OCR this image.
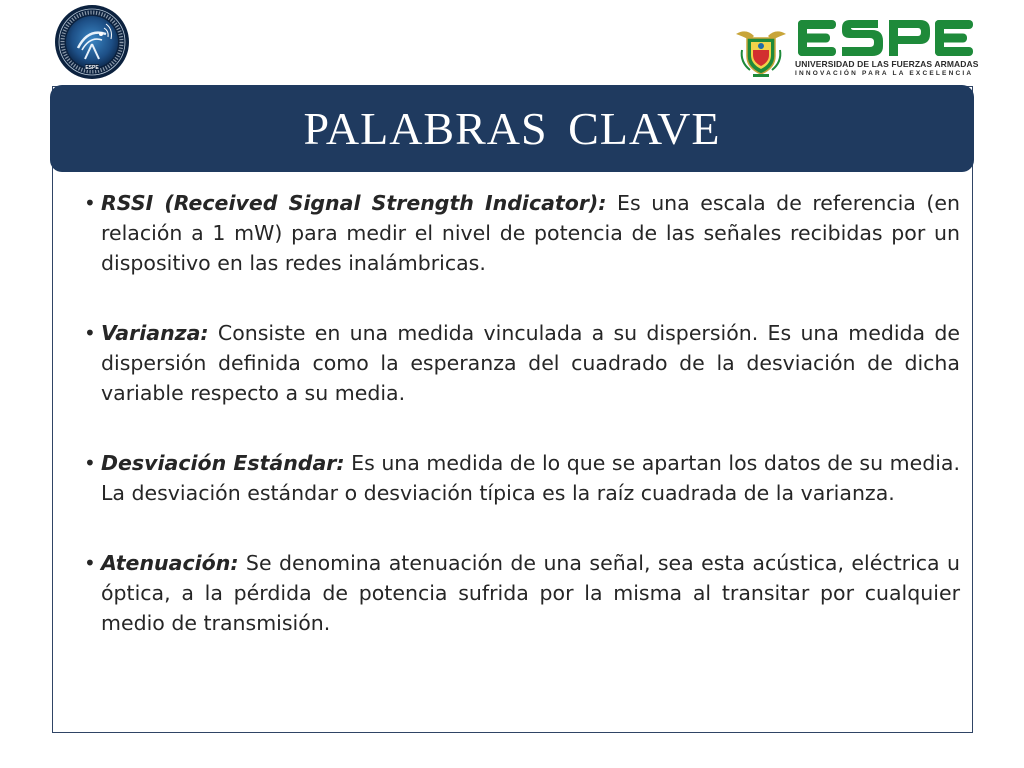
ESPE	UNIVERSIDAD DE LAS FUERZAS ARMADAS
INNOVACIÓN PARA LA EXCELENCIA
PALABRAS CLAVE
• RSSI (Received Signal Strength Indicator): Es una escala de referencia (en relación a 1 mW) para medir el nivel de potencia de las señales recibidas por un dispositivo en las redes inalámbricas.
• Varianza: Consiste en una medida vinculada a su dispersión. Es una medida de dispersión definida como la esperanza del cuadrado de la desviación de dicha variable respecto a su media.
• Desviación Estándar: Es una medida de lo que se apartan los datos de su media. La desviación estándar o desviación típica es la raíz cuadrada de la varianza.
• Atenuación: Se denomina atenuación de una señal, sea esta acústica, eléctrica u óptica, a la pérdida de potencia sufrida por la misma al transitar por cualquier medio de transmisión.
